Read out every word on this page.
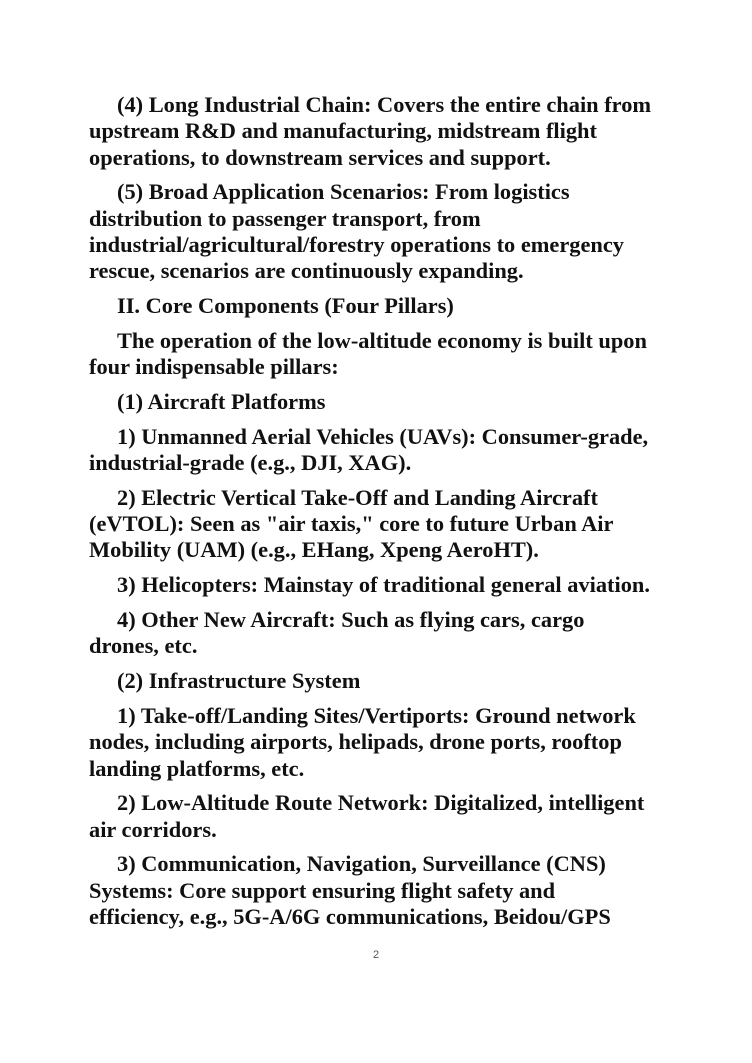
(4) Long Industrial Chain: Covers the entire chain from
upstream R&D and manufacturing, midstream flight
operations, to downstream services and support.

(5) Broad Application Scenarios: From logistics
distribution to passenger transport, from
industrial/agricultural/forestry operations to emergency
rescue, scenarios are continuously expanding.

II. Core Components (Four Pillars)

The operation of the low-altitude economy is built upon
four indispensable pillars:

(1) Aircraft Platforms

1) Unmanned Aerial Vehicles (UAVs): Consumer-grade,
industrial-grade (e.g., DJI, XAG).

2) Electric Vertical Take-Off and Landing Aircraft
(eVTOL): Seen as "air taxis," core to future Urban Air
Mobility (UAM) (e.g., EHang, Xpeng AeroHT).

3) Helicopters: Mainstay of traditional general aviation.

4) Other New Aircraft: Such as flying cars, cargo
drones, etc.

(2) Infrastructure System

1) Take-off/Landing Sites/Vertiports: Ground network
nodes, including airports, helipads, drone ports, rooftop
landing platforms, etc.

2) Low-Altitude Route Network: Digitalized, intelligent
air corridors.

3) Communication, Navigation, Surveillance (CNS)
Systems: Core support ensuring flight safety and
efficiency, e.g., 5G-A/6G communications, Beidou/GPS

2
